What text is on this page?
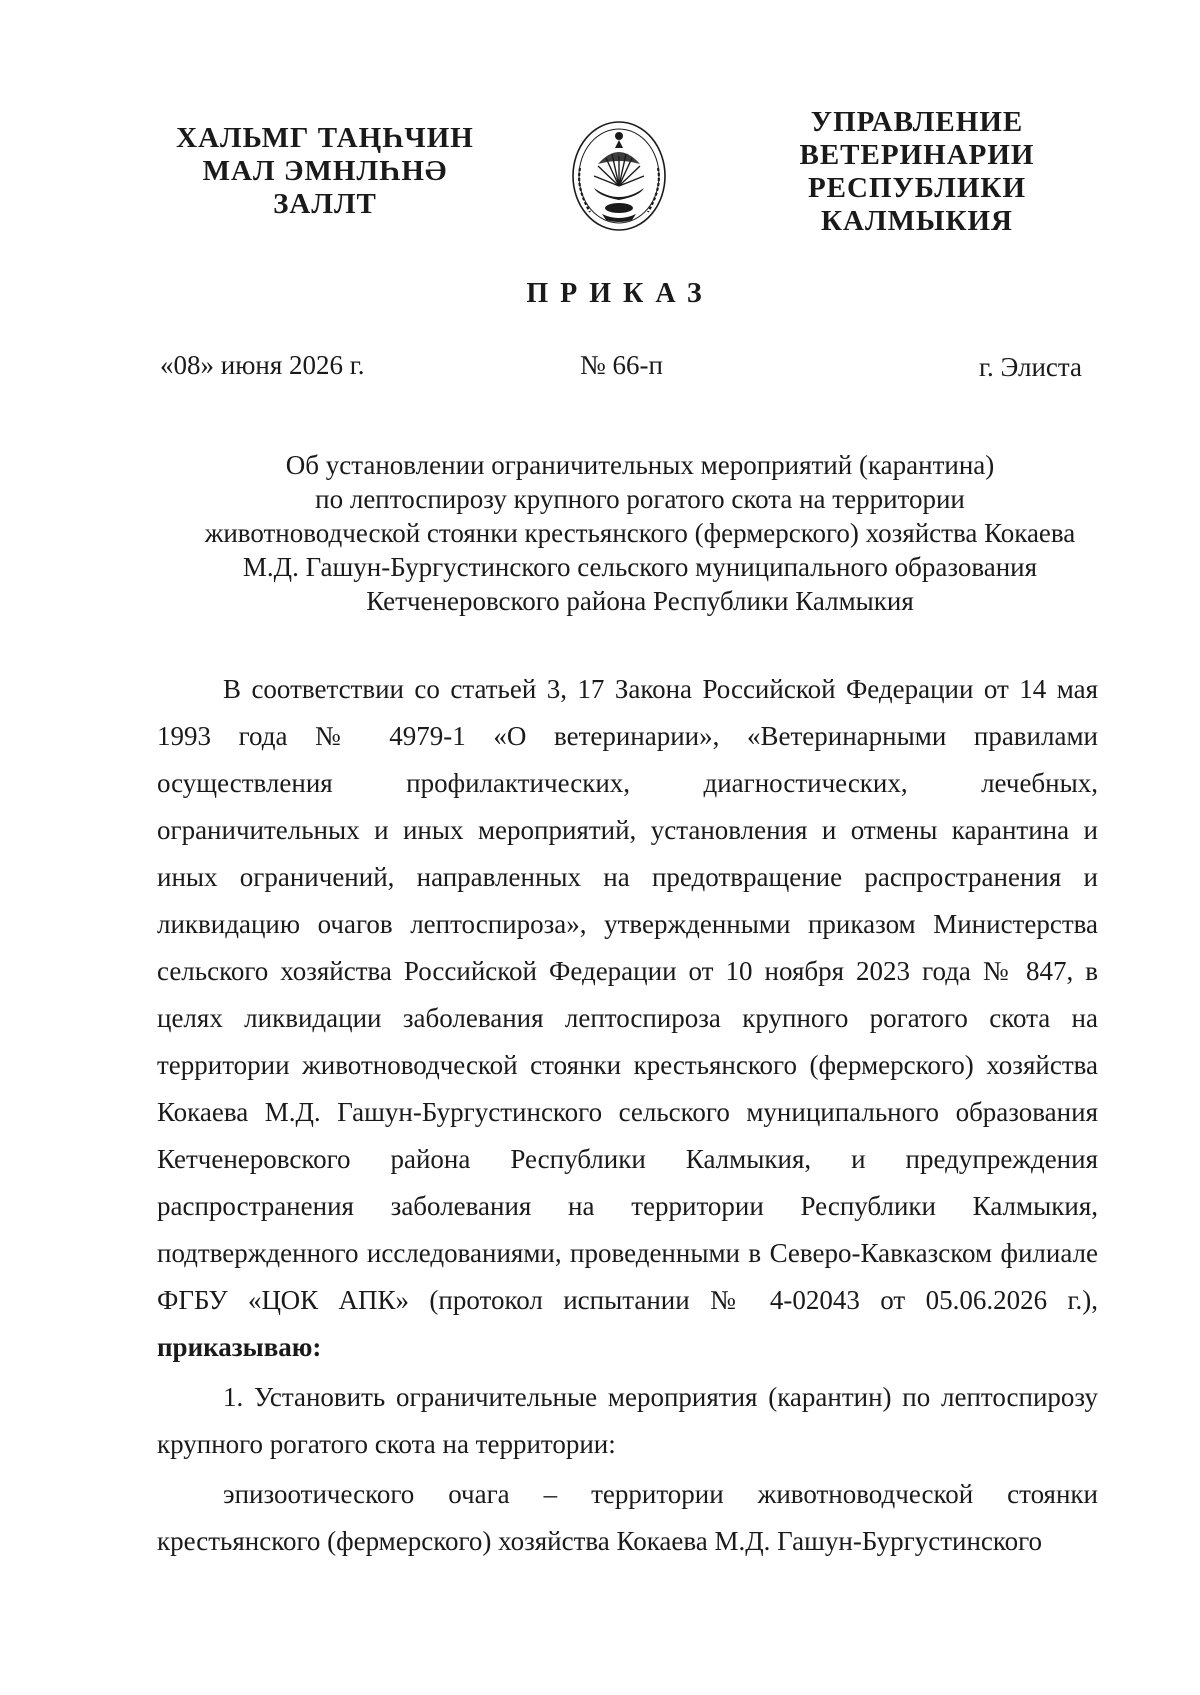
ХАЛЬМГ ТАҢҺЧИН
МАЛ ЭМНЛҺНӘ
ЗАЛЛТ
УПРАВЛЕНИЕ
ВЕТЕРИНАРИИ
РЕСПУБЛИКИ
КАЛМЫКИЯ
ПРИКАЗ
«08» июня 2026 г.	№ 66-п	г. Элиста
Об установлении ограничительных мероприятий (карантина)
по лептоспирозу крупного рогатого скота на территории
животноводческой стоянки крестьянского (фермерского) хозяйства Кокаева
М.Д. Гашун-Бургустинского сельского муниципального образования
Кетченеровского района Республики Калмыкия

В соответствии со статьей 3, 17 Закона Российской Федерации от 14 мая 1993 года № 4979-1 «О ветеринарии», «Ветеринарными правилами осуществления профилактических, диагностических, лечебных, ограничительных и иных мероприятий, установления и отмены карантина и иных ограничений, направленных на предотвращение распространения и ликвидацию очагов лептоспироза», утвержденными приказом Министерства сельского хозяйства Российской Федерации от 10 ноября 2023 года № 847, в целях ликвидации заболевания лептоспироза крупного рогатого скота на территории животноводческой стоянки крестьянского (фермерского) хозяйства Кокаева М.Д. Гашун-Бургустинского сельского муниципального образования Кетченеровского района Республики Калмыкия, и предупреждения распространения заболевания на территории Республики Калмыкия, подтвержденного исследованиями, проведенными в Северо-Кавказском филиале ФГБУ «ЦОК АПК» (протокол испытании № 4-02043 от 05.06.2026 г.), приказываю:

1. Установить ограничительные мероприятия (карантин) по лептоспирозу крупного рогатого скота на территории:

эпизоотического очага – территории животноводческой стоянки крестьянского (фермерского) хозяйства Кокаева М.Д. Гашун-Бургустинского
